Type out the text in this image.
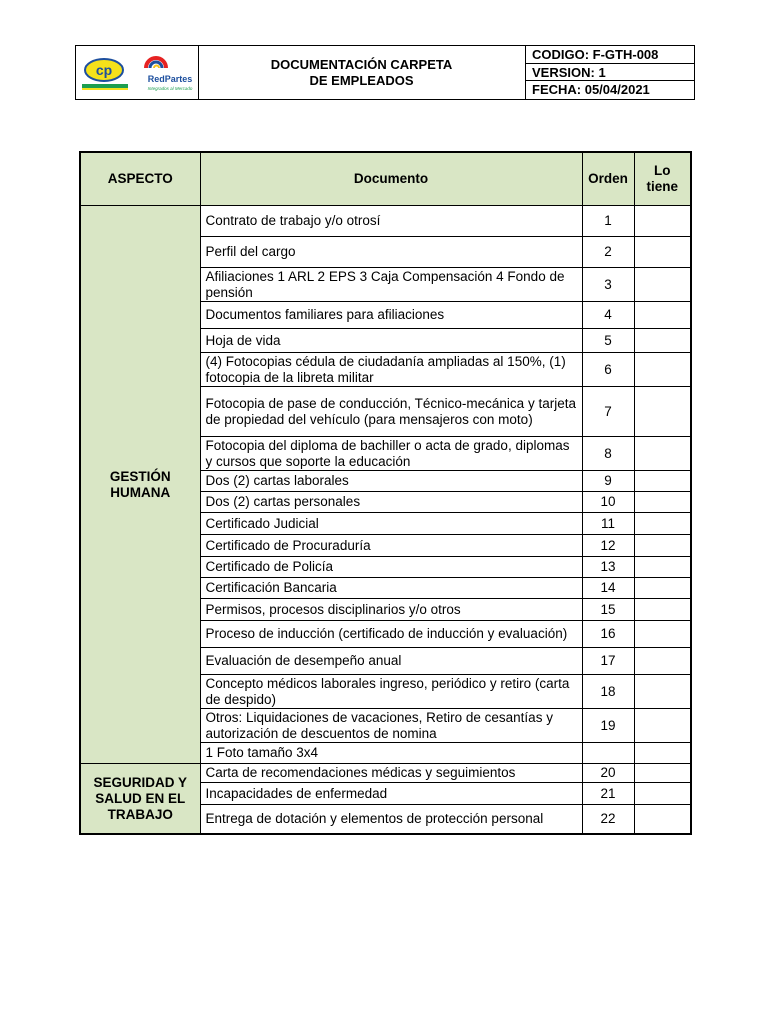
cp
RedPartes
Integrados al Mercado
DOCUMENTACIÓN CARPETA
DE EMPLEADOS
CODIGO: F-GTH-008
VERSION: 1
FECHA: 05/04/2021
ASPECTO	Documento	Orden	Lo tiene
GESTIÓN HUMANA	Contrato de trabajo y/o otrosí	1	
	Perfil del cargo	2	
	Afiliaciones 1 ARL 2 EPS 3 Caja Compensación 4 Fondo de pensión	3	
	Documentos familiares para afiliaciones	4	
	Hoja de vida	5	
	(4) Fotocopias cédula de ciudadanía ampliadas al 150%, (1) fotocopia de la libreta militar	6	
	Fotocopia de pase de conducción, Técnico-mecánica y tarjeta de propiedad del vehículo (para mensajeros con moto)	7	
	Fotocopia del diploma de bachiller o acta de grado, diplomas y cursos que soporte la educación	8	
	Dos (2) cartas laborales	9	
	Dos (2) cartas personales	10	
	Certificado Judicial	11	
	Certificado de Procuraduría	12	
	Certificado de Policía	13	
	Certificación Bancaria	14	
	Permisos, procesos disciplinarios y/o otros	15	
	Proceso de inducción (certificado de inducción y evaluación)	16	
	Evaluación de desempeño anual	17	
	Concepto médicos laborales ingreso, periódico y retiro (carta de despido)	18	
	Otros: Liquidaciones de vacaciones, Retiro de cesantías y autorización de descuentos de nomina	19	
	1 Foto tamaño 3x4		
SEGURIDAD Y SALUD EN EL TRABAJO	Carta de recomendaciones médicas y seguimientos	20	
	Incapacidades de enfermedad	21	
	Entrega de dotación y elementos de protección personal	22	
